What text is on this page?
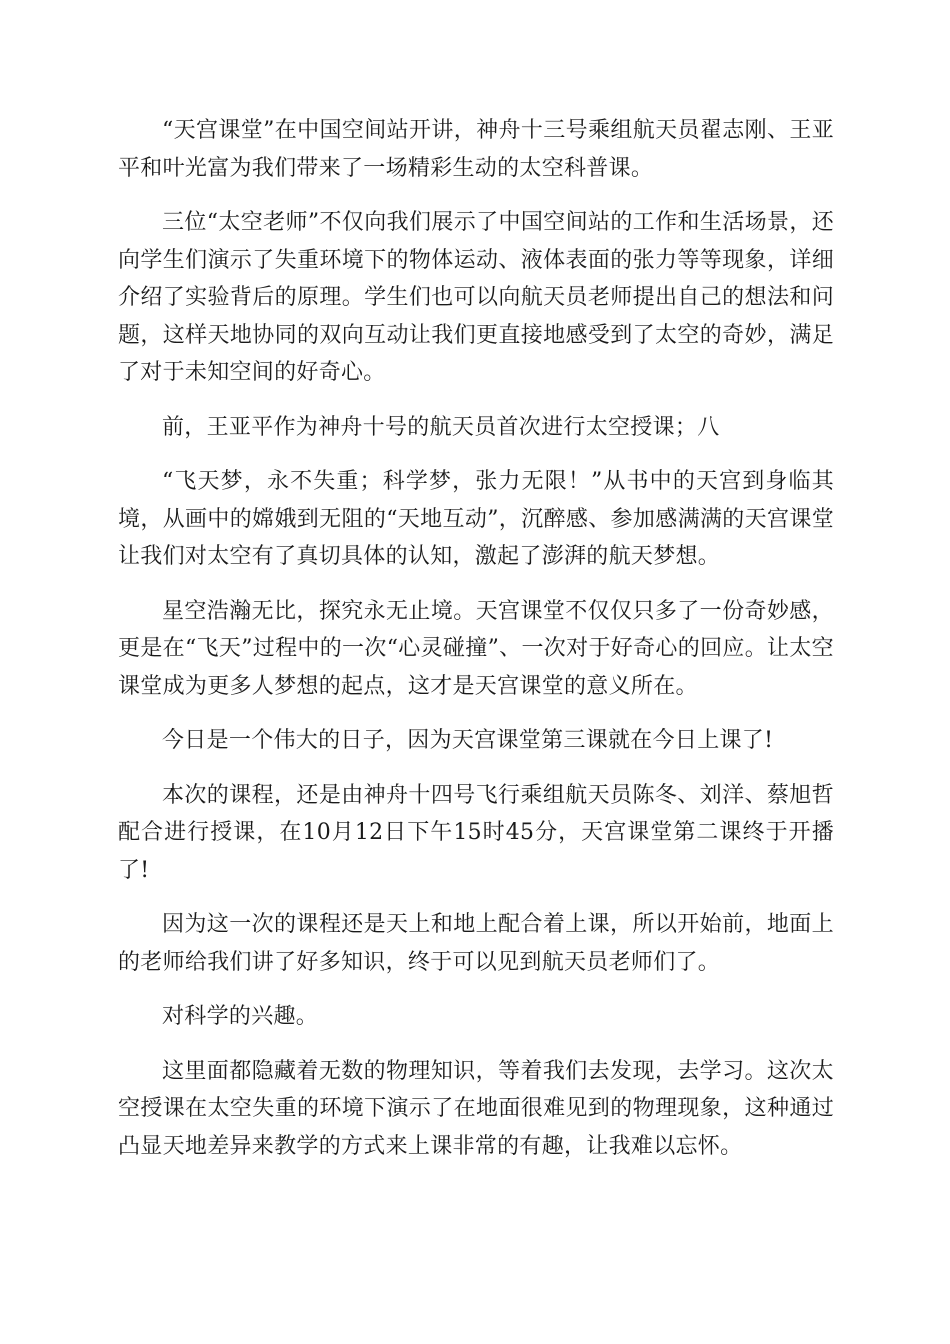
“天宫课堂”在中国空间站开讲，神舟十三号乘组航天员翟志刚、王亚平和叶光富为我们带来了一场精彩生动的太空科普课。

三位“太空老师”不仅向我们展示了中国空间站的工作和生活场景，还向学生们演示了失重环境下的物体运动、液体表面的张力等等现象，详细介绍了实验背后的原理。学生们也可以向航天员老师提出自己的想法和问题，这样天地协同的双向互动让我们更直接地感受到了太空的奇妙，满足了对于未知空间的好奇心。

前，王亚平作为神舟十号的航天员首次进行太空授课；八

“飞天梦，永不失重；科学梦，张力无限！”从书中的天宫到身临其境，从画中的嫦娥到无阻的“天地互动”，沉醉感、参加感满满的天宫课堂让我们对太空有了真切具体的认知，激起了澎湃的航天梦想。

星空浩瀚无比，探究永无止境。天宫课堂不仅仅只多了一份奇妙感，更是在“飞天”过程中的一次“心灵碰撞”、一次对于好奇心的回应。让太空课堂成为更多人梦想的起点，这才是天宫课堂的意义所在。

今日是一个伟大的日子，因为天宫课堂第三课就在今日上课了!

本次的课程，还是由神舟十四号飞行乘组航天员陈冬、刘洋、蔡旭哲配合进行授课，在10月12日下午15时45分，天宫课堂第二课终于开播了!

因为这一次的课程还是天上和地上配合着上课，所以开始前，地面上的老师给我们讲了好多知识，终于可以见到航天员老师们了。

对科学的兴趣。

这里面都隐藏着无数的物理知识，等着我们去发现，去学习。这次太空授课在太空失重的环境下演示了在地面很难见到的物理现象，这种通过凸显天地差异来教学的方式来上课非常的有趣，让我难以忘怀。
